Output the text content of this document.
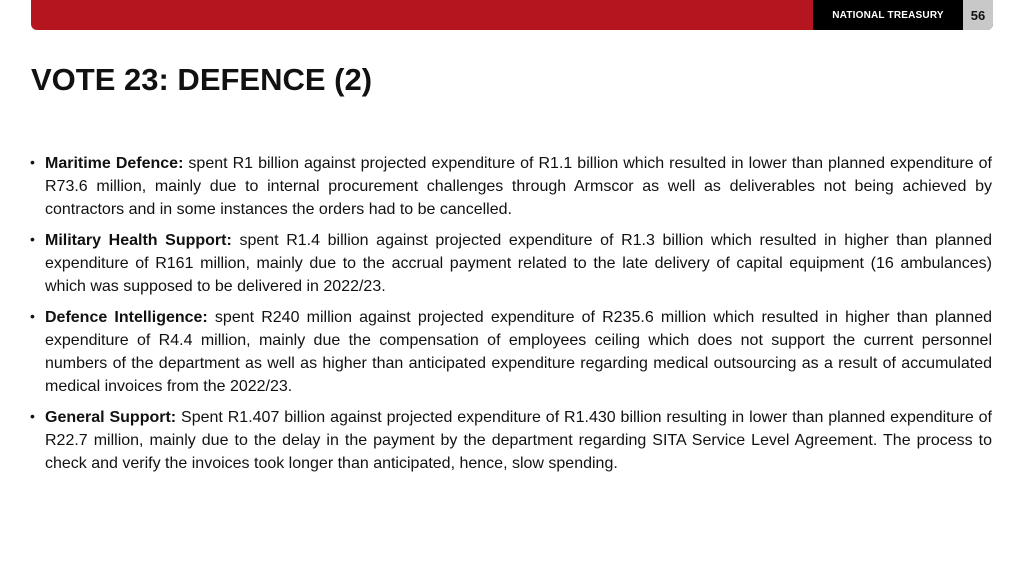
NATIONAL TREASURY	56
VOTE 23: DEFENCE (2)
• Maritime Defence: spent R1 billion against projected expenditure of R1.1 billion which resulted in lower than planned expenditure of R73.6 million, mainly due to internal procurement challenges through Armscor as well as deliverables not being achieved by contractors and in some instances the orders had to be cancelled.
• Military Health Support: spent R1.4 billion against projected expenditure of R1.3 billion which resulted in higher than planned expenditure of R161 million, mainly due to the accrual payment related to the late delivery of capital equipment (16 ambulances) which was supposed to be delivered in 2022/23.
• Defence Intelligence: spent R240 million against projected expenditure of R235.6 million which resulted in higher than planned expenditure of R4.4 million, mainly due the compensation of employees ceiling which does not support the current personnel numbers of the department as well as higher than anticipated expenditure regarding medical outsourcing as a result of accumulated medical invoices from the 2022/23.
• General Support: Spent R1.407 billion against projected expenditure of R1.430 billion resulting in lower than planned expenditure of R22.7 million, mainly due to the delay in the payment by the department regarding SITA Service Level Agreement. The process to check and verify the invoices took longer than anticipated, hence, slow spending.
